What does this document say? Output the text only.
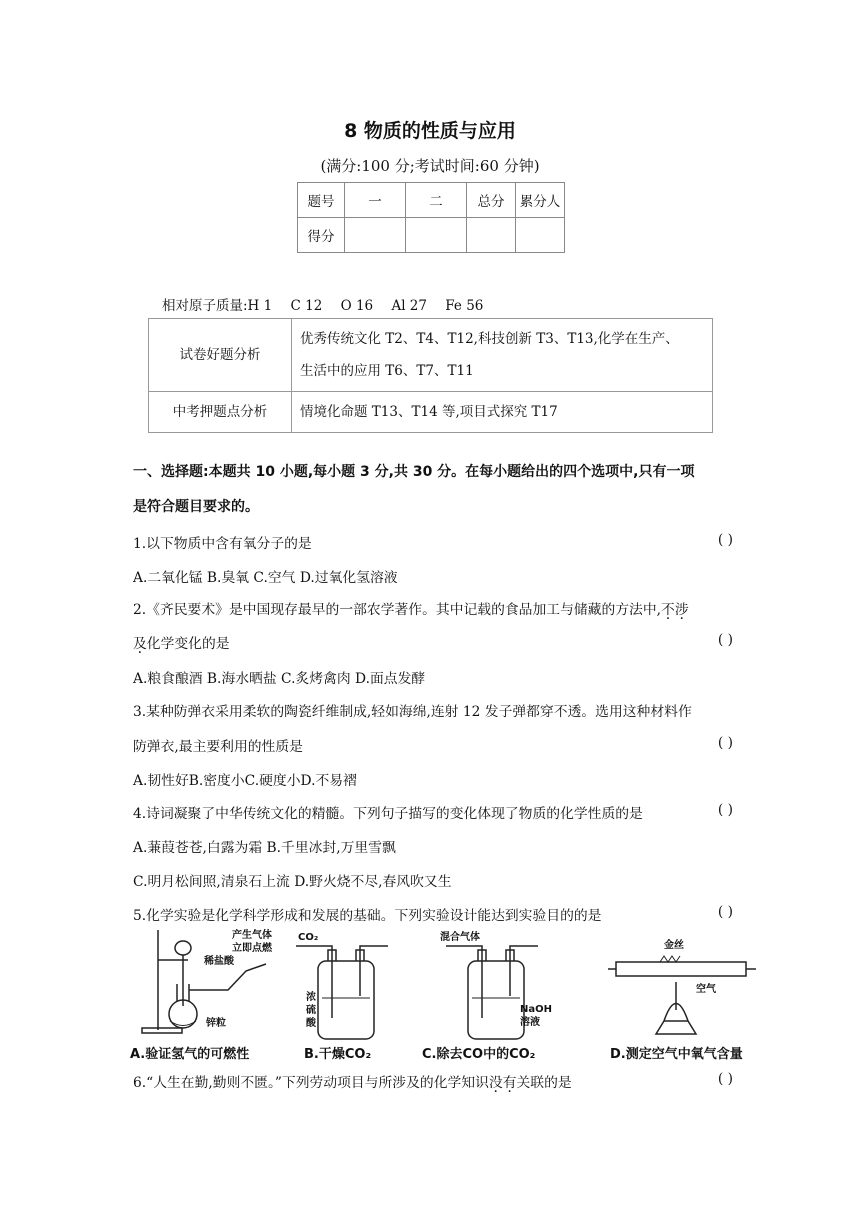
8 物质的性质与应用
(满分:100 分;考试时间:60 分钟)
题号	一	二	总分	累分人
得分				
相对原子质量:H 1 C 12 O 16 Al 27 Fe 56
试卷好题分析	优秀传统文化 T2、T4、T12,科技创新 T3、T13,化学在生产、
生活中的应用 T6、T7、T11

中考押题点分析	情境化命题 T13、T14 等,项目式探究 T17
一、选择题:本题共 10 小题,每小题 3 分,共 30 分。在每小题给出的四个选项中,只有一项
是符合题目要求的。
1.以下物质中含有氧分子的是	( )
A.二氧化锰 B.臭氧 C.空气 D.过氧化氢溶液
2.《齐民要术》是中国现存最早的一部农学著作。其中记载的食品加工与储藏的方法中,不涉
及化学变化的是	( )
A.粮食酿酒 B.海水晒盐 C.炙烤禽肉 D.面点发酵
3.某种防弹衣采用柔软的陶瓷纤维制成,轻如海绵,连射 12 发子弹都穿不透。选用这种材料作
防弹衣,最主要利用的性质是	( )
A.韧性好B.密度小C.硬度小D.不易褶
4.诗词凝聚了中华传统文化的精髓。下列句子描写的变化体现了物质的化学性质的是	( )
A.蒹葭苍苍,白露为霜 B.千里冰封,万里雪飘
C.明月松间照,清泉石上流 D.野火烧不尽,春风吹又生
5.化学实验是化学科学形成和发展的基础。下列实验设计能达到实验目的的是	( )
产生气体
立即点燃
稀盐酸
锌粒
CO₂
浓
硫
酸
混合气体
NaOH
溶液
金丝
空气
A.验证氢气的可燃性	B.干燥CO₂	C.除去CO中的CO₂	D.测定空气中氧气含量
6.“人生在勤,勤则不匮。”下列劳动项目与所涉及的化学知识没有关联的是	( )
